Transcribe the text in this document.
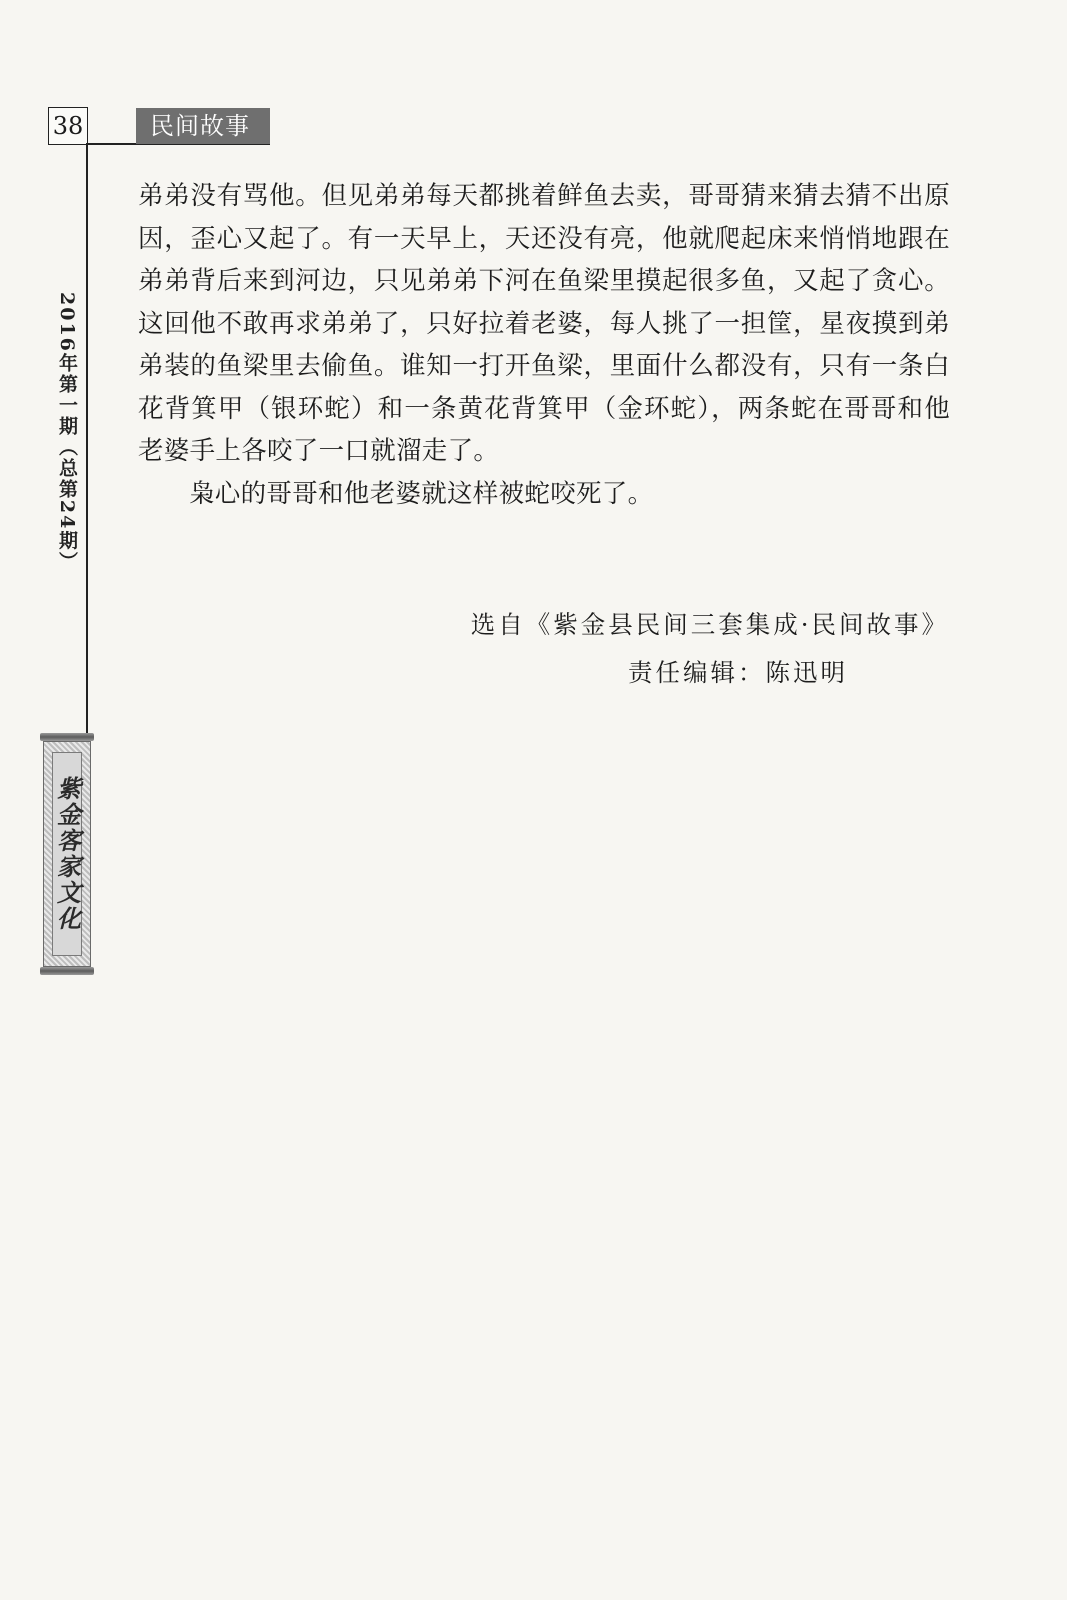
38	民间故事
2016年第一期（总第24期）
紫金客家文化

弟弟没有骂他。但见弟弟每天都挑着鲜鱼去卖，哥哥猜来猜去猜不出原因，歪心又起了。有一天早上，天还没有亮，他就爬起床来悄悄地跟在弟弟背后来到河边，只见弟弟下河在鱼梁里摸起很多鱼，又起了贪心。这回他不敢再求弟弟了，只好拉着老婆，每人挑了一担筐，星夜摸到弟弟装的鱼梁里去偷鱼。谁知一打开鱼梁，里面什么都没有，只有一条白花背箕甲（银环蛇）和一条黄花背箕甲（金环蛇），两条蛇在哥哥和他老婆手上各咬了一口就溜走了。

枭心的哥哥和他老婆就这样被蛇咬死了。

选自《紫金县民间三套集成·民间故事》
责任编辑：陈迅明
